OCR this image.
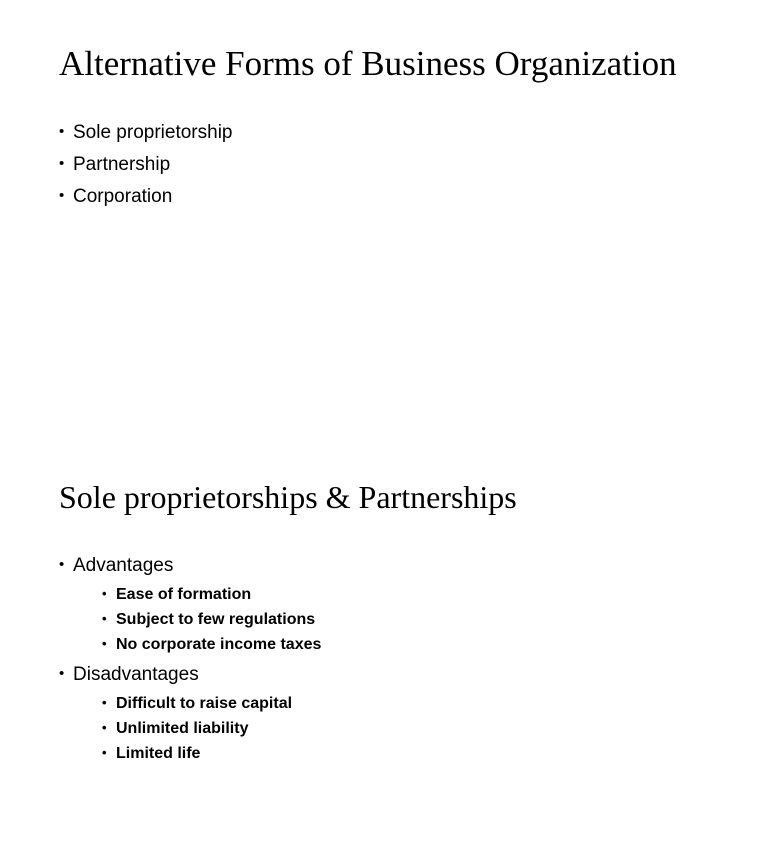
Alternative Forms of Business Organization
• Sole proprietorship
• Partnership
• Corporation
Sole proprietorships & Partnerships
• Advantages
• Ease of formation
• Subject to few regulations
• No corporate income taxes
• Disadvantages
• Difficult to raise capital
• Unlimited liability
• Limited life
